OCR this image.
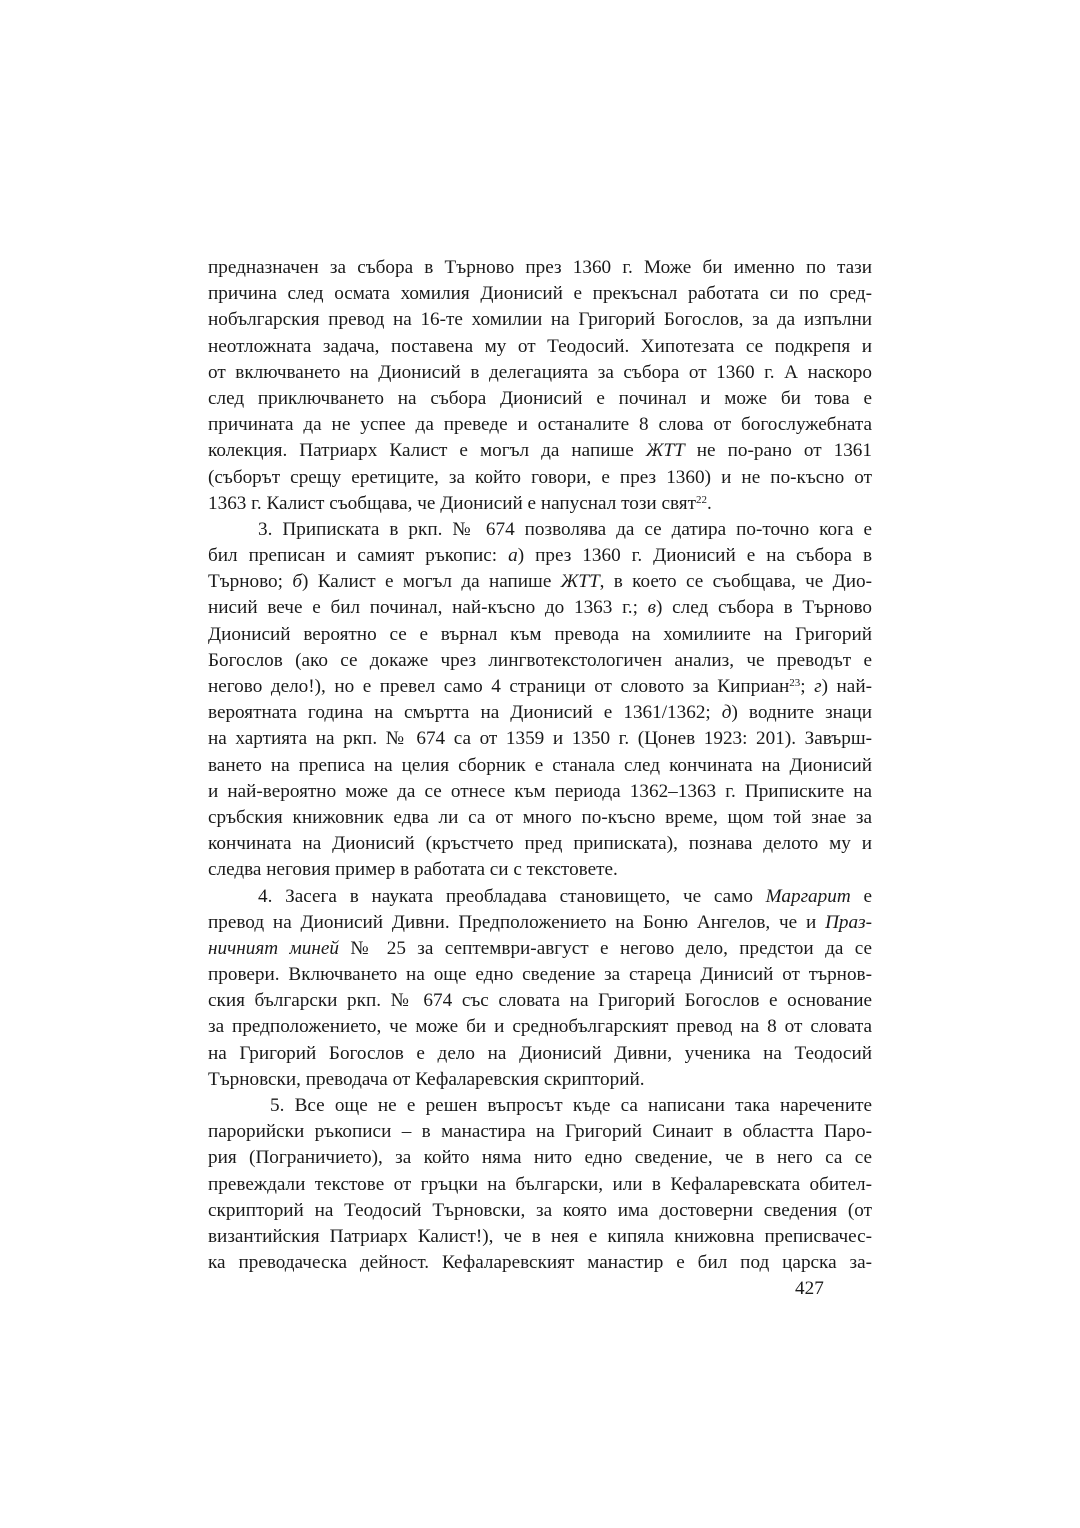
предназначен за събора в Търново през 1360 г. Може би именно по тази
причина след осмата хомилия Дионисий е прекъснал работата си по сред-
нобългарския превод на 16-те хомилии на Григорий Богослов, за да изпълни
неотложната задача, поставена му от Теодосий. Хипотезата се подкрепя и
от включването на Дионисий в делегацията за събора от 1360 г. А наскоро
след приключването на събора Дионисий е починал и може би това е
причината да не успее да преведе и останалите 8 слова от богослужебната
колекция. Патриарх Калист е могъл да напише ЖТТ не по-рано от 1361
(съборът срещу еретиците, за който говори, е през 1360) и не по-късно от
1363 г. Калист съобщава, че Дионисий е напуснал този свят$^{22}$.
3. Приписката в ркп. № 674 позволява да се датира по-точно кога е
бил преписан и самият ръкопис: а) през 1360 г. Дионисий е на събора в
Търново; б) Калист е могъл да напише ЖТТ, в което се съобщава, че Дио-
нисий вече е бил починал, най-късно до 1363 г.; в) след събора в Търново
Дионисий вероятно се е върнал към превода на хомилиите на Григорий
Богослов (ако се докаже чрез лингвотекстологичен анализ, че преводът е
негово дело!), но е превел само 4 страници от словото за Киприан$^{23}$; г) най-
вероятната година на смъртта на Дионисий е 1361/1362; д) водните знаци
на хартията на ркп. № 674 са от 1359 и 1350 г. (Цонев 1923: 201). Завърш-
ването на преписа на целия сборник е станала след кончината на Дионисий
и най-вероятно може да се отнесе към периода 1362–1363 г. Приписките на
сръбския книжовник едва ли са от много по-късно време, щом той знае за
кончината на Дионисий (кръстчето пред приписката), познава делото му и
следва неговия пример в работата си с текстовете.
4. Засега в науката преобладава становището, че само Маргарит е
превод на Дионисий Дивни. Предположението на Боню Ангелов, че и Праз-
ничният миней № 25 за септември-август е негово дело, предстои да се
провери. Включването на още едно сведение за стареца Динисий от търнов-
ския български ркп. № 674 със словата на Григорий Богослов е основание
за предположението, че може би и среднобългарският превод на 8 от словата
на Григорий Богослов е дело на Дионисий Дивни, ученика на Теодосий
Търновски, преводача от Кефаларевския скрипторий.
5. Все още не е решен въпросът къде са написани така наречените
парорийски ръкописи – в манастира на Григорий Синаит в областта Паро-
рия (Пограничието), за който няма нито едно сведение, че в него са се
превеждали текстове от гръцки на български, или в Кефаларевската обител-
скрипторий на Теодосий Търновски, за която има достоверни сведения (от
византийския Патриарх Калист!), че в нея е кипяла книжовна преписвачес-
ка преводаческа дейност. Кефаларевският манастир е бил под царска за-
427
